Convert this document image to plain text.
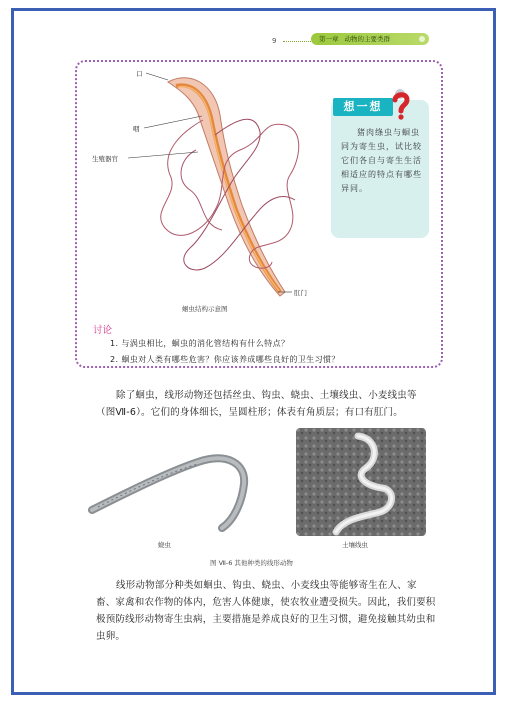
9	第一章 动物的主要类群
口
咽
生殖器官
肛门
蛔虫结构示意图
想一想
猪肉绦虫与蛔虫同为寄生虫，试比较它们各自与寄生生活相适应的特点有哪些异同。
讨论
1. 与涡虫相比，蛔虫的消化管结构有什么特点？
2. 蛔虫对人类有哪些危害？你应该养成哪些良好的卫生习惯？
除了蛔虫，线形动物还包括丝虫、钩虫、蛲虫、土壤线虫、小麦线虫等（图Ⅶ-6）。它们的身体细长，呈圆柱形；体表有角质层；有口有肛门。
蛲虫	土壤线虫
图 Ⅶ-6 其他种类的线形动物
线形动物部分种类如蛔虫、钩虫、蛲虫、小麦线虫等能够寄生在人、家畜、家禽和农作物的体内，危害人体健康，使农牧业遭受损失。因此，我们要积极预防线形动物寄生虫病，主要措施是养成良好的卫生习惯，避免接触其幼虫和虫卵。
